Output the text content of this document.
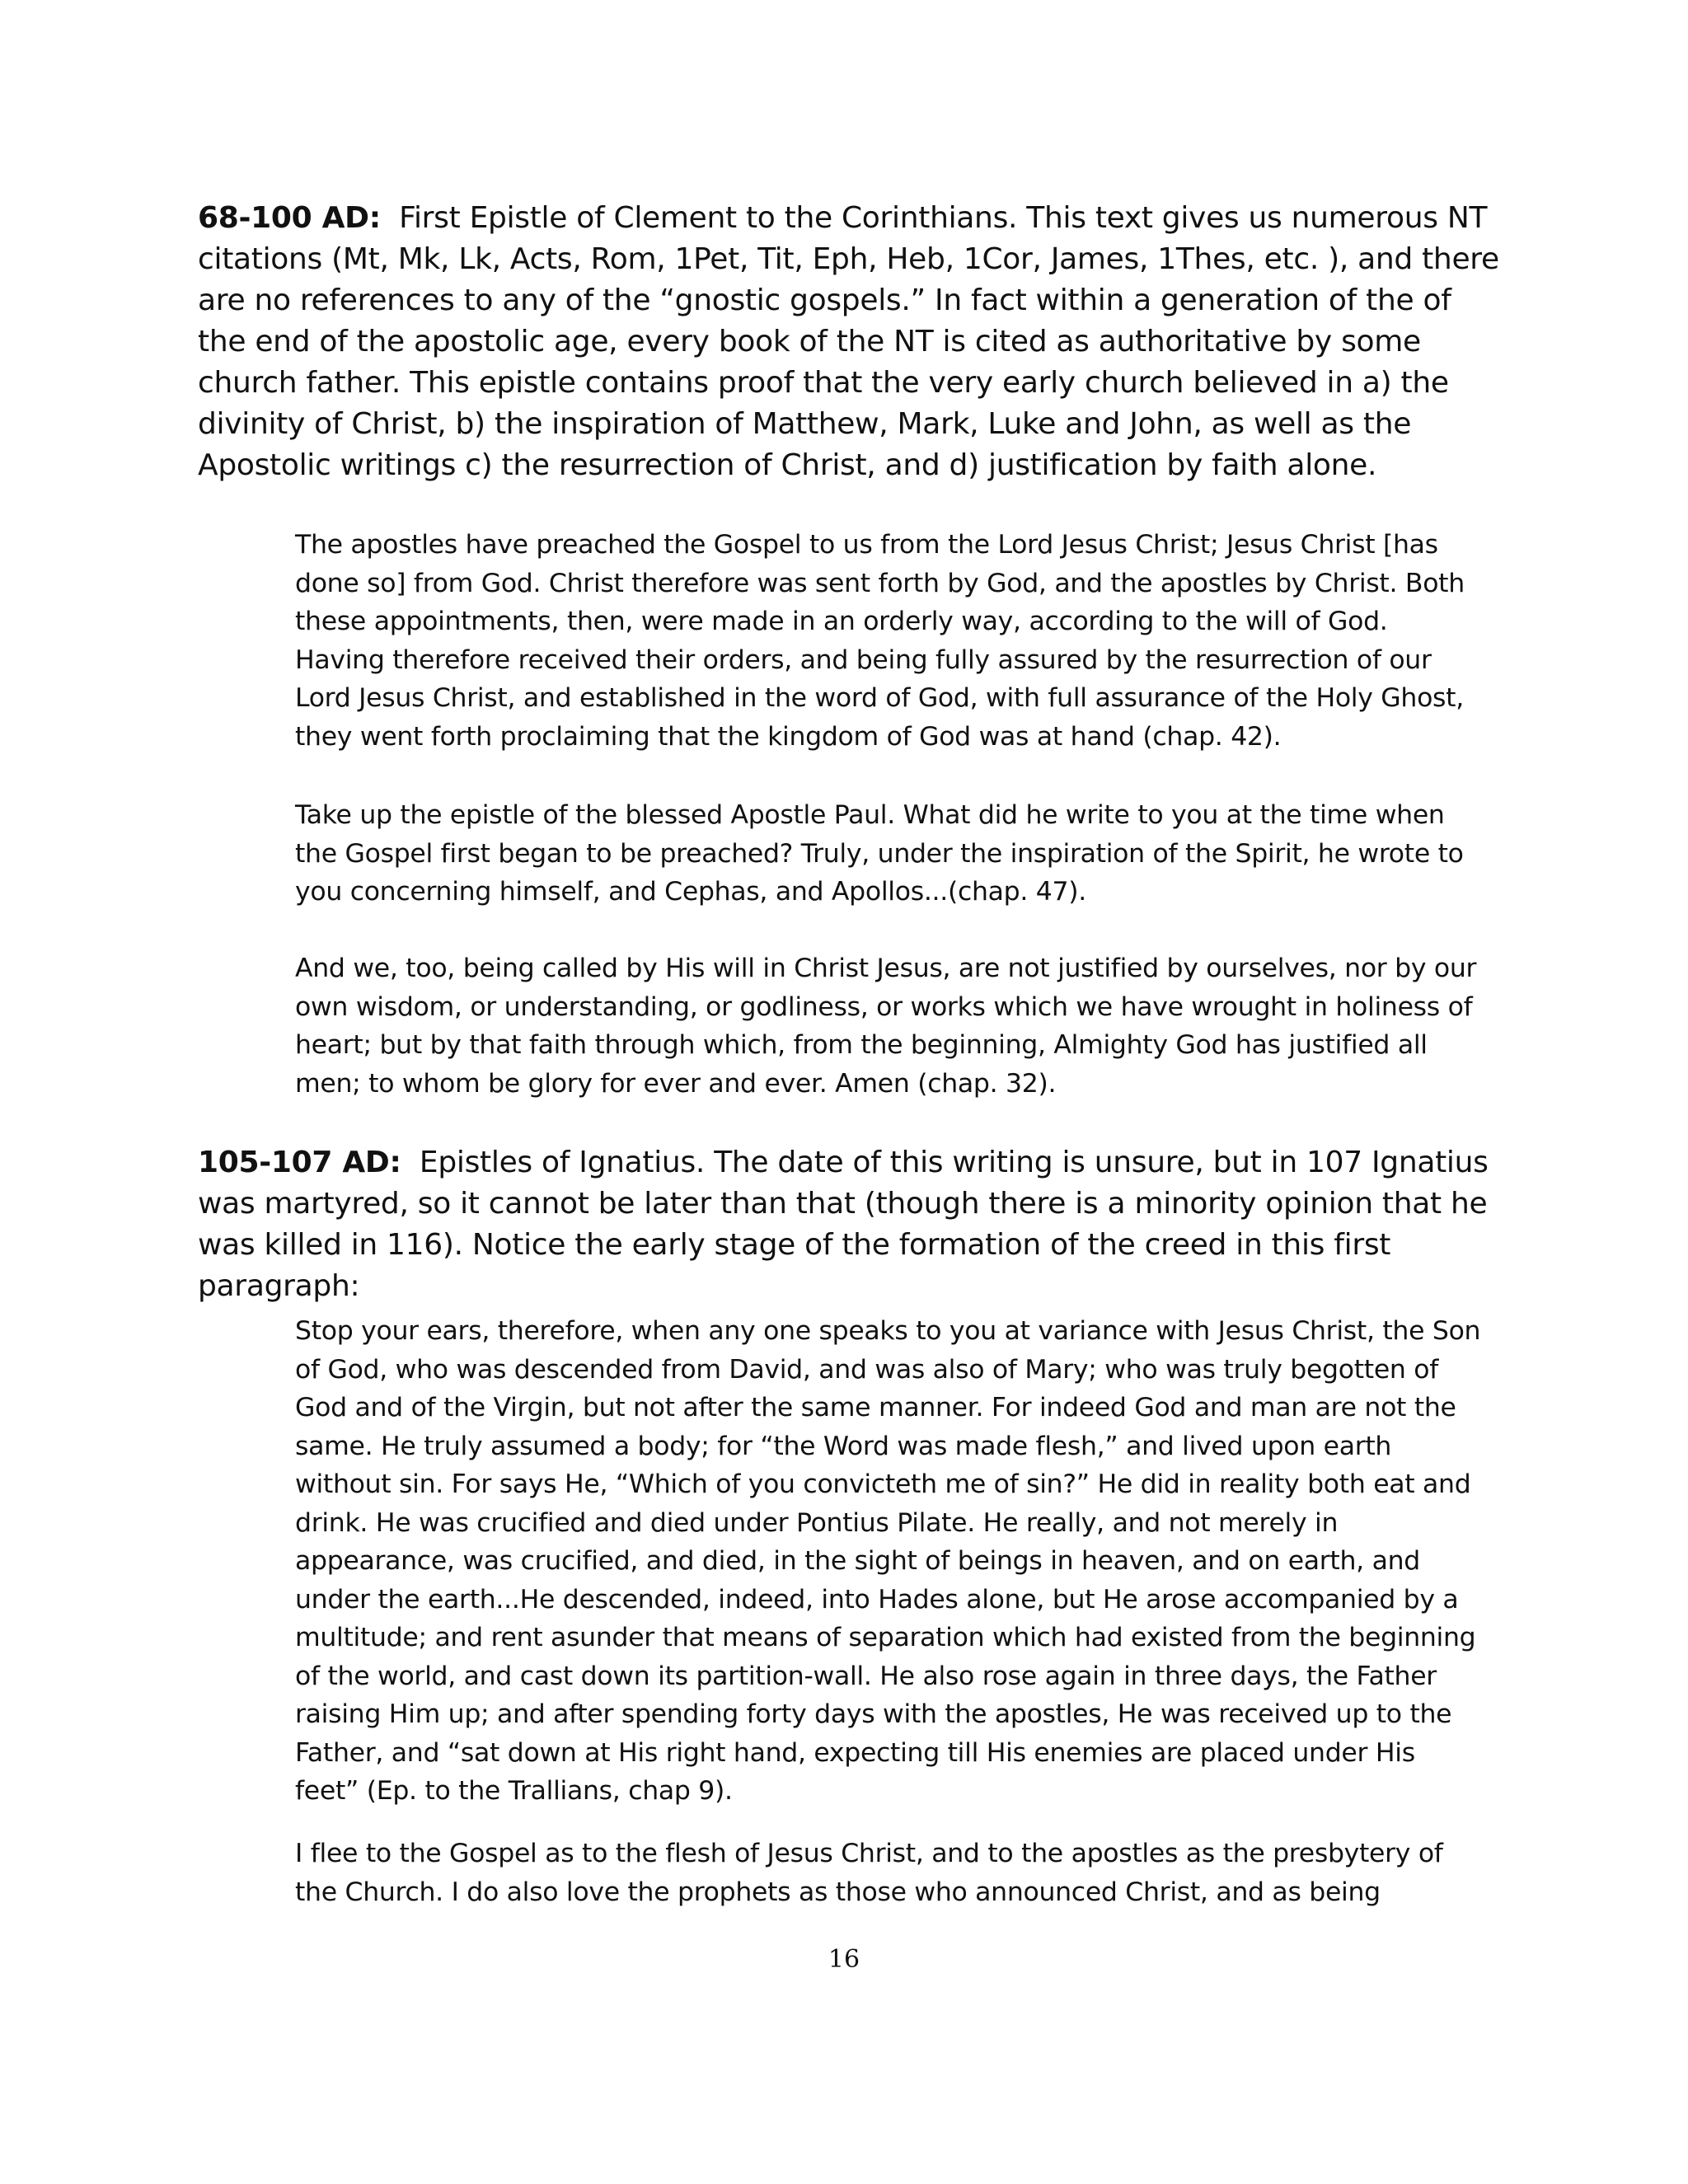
68-100 AD: First Epistle of Clement to the Corinthians. This text gives us numerous NT citations (Mt, Mk, Lk, Acts, Rom, 1Pet, Tit, Eph, Heb, 1Cor, James, 1Thes, etc. ), and there are no references to any of the “gnostic gospels.” In fact within a generation of the of the end of the apostolic age, every book of the NT is cited as authoritative by some church father. This epistle contains proof that the very early church believed in a) the divinity of Christ, b) the inspiration of Matthew, Mark, Luke and John, as well as the Apostolic writings c) the resurrection of Christ, and d) justification by faith alone.

The apostles have preached the Gospel to us from the Lord Jesus Christ; Jesus Christ [has done so] from God. Christ therefore was sent forth by God, and the apostles by Christ. Both these appointments, then, were made in an orderly way, according to the will of God. Having therefore received their orders, and being fully assured by the resurrection of our Lord Jesus Christ, and established in the word of God, with full assurance of the Holy Ghost, they went forth proclaiming that the kingdom of God was at hand (chap. 42).

Take up the epistle of the blessed Apostle Paul. What did he write to you at the time when the Gospel first began to be preached? Truly, under the inspiration of the Spirit, he wrote to you concerning himself, and Cephas, and Apollos...(chap. 47).

And we, too, being called by His will in Christ Jesus, are not justified by ourselves, nor by our own wisdom, or understanding, or godliness, or works which we have wrought in holiness of heart; but by that faith through which, from the beginning, Almighty God has justified all men; to whom be glory for ever and ever. Amen (chap. 32).

105-107 AD: Epistles of Ignatius. The date of this writing is unsure, but in 107 Ignatius was martyred, so it cannot be later than that (though there is a minority opinion that he was killed in 116). Notice the early stage of the formation of the creed in this first paragraph:

Stop your ears, therefore, when any one speaks to you at variance with Jesus Christ, the Son of God, who was descended from David, and was also of Mary; who was truly begotten of God and of the Virgin, but not after the same manner. For indeed God and man are not the same. He truly assumed a body; for “the Word was made flesh,” and lived upon earth without sin. For says He, “Which of you convicteth me of sin?” He did in reality both eat and drink. He was crucified and died under Pontius Pilate. He really, and not merely in appearance, was crucified, and died, in the sight of beings in heaven, and on earth, and under the earth...He descended, indeed, into Hades alone, but He arose accompanied by a multitude; and rent asunder that means of separation which had existed from the beginning of the world, and cast down its partition-wall. He also rose again in three days, the Father raising Him up; and after spending forty days with the apostles, He was received up to the Father, and “sat down at His right hand, expecting till His enemies are placed under His feet” (Ep. to the Trallians, chap 9).

I flee to the Gospel as to the flesh of Jesus Christ, and to the apostles as the presbytery of the Church. I do also love the prophets as those who announced Christ, and as being

16
